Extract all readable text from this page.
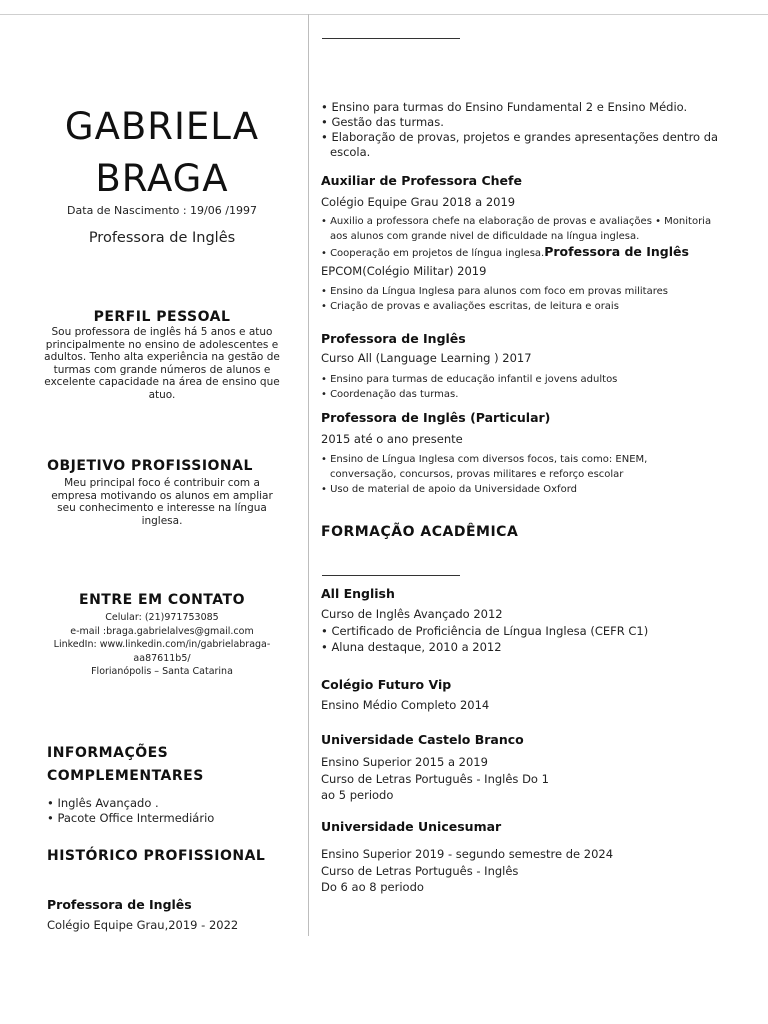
GABRIELA
BRAGA
Data de Nascimento : 19/06 /1997
Professora de Inglês
PERFIL PESSOAL
Sou professora de inglês há 5 anos e atuo
principalmente no ensino de adolescentes e
adultos. Tenho alta experiência na gestão de
turmas com grande números de alunos e
excelente capacidade na área de ensino que
atuo.
OBJETIVO PROFISSIONAL
Meu principal foco é contribuir com a
empresa motivando os alunos em ampliar
seu conhecimento e interesse na língua
inglesa.
ENTRE EM CONTATO
Celular: (21)971753085
e-mail :braga.gabrielalves@gmail.com
LinkedIn: www.linkedin.com/in/gabrielabraga-
aa87611b5/
Florianópolis – Santa Catarina
INFORMAÇÕES
COMPLEMENTARES
• Inglês Avançado .
• Pacote Office Intermediário
HISTÓRICO PROFISSIONAL
Professora de Inglês
Colégio Equipe Grau,2019 - 2022
• Ensino para turmas do Ensino Fundamental 2 e Ensino Médio.
• Gestão das turmas.
• Elaboração de provas, projetos e grandes apresentações dentro da escola.
Auxiliar de Professora Chefe
Colégio Equipe Grau 2018 a 2019
• Auxilio a professora chefe na elaboração de provas e avaliações • Monitoria aos alunos com grande nivel de dificuldade na língua inglesa.
• Cooperação em projetos de língua inglesa.Professora de Inglês
EPCOM(Colégio Militar) 2019
• Ensino da Língua Inglesa para alunos com foco em provas militares
• Criação de provas e avaliações escritas, de leitura e orais
Professora de Inglês
Curso All (Language Learning ) 2017
• Ensino para turmas de educação infantil e jovens adultos
• Coordenação das turmas.
Professora de Inglês (Particular)
2015 até o ano presente
• Ensino de Língua Inglesa com diversos focos, tais como: ENEM, conversação, concursos, provas militares e reforço escolar
• Uso de material de apoio da Universidade Oxford
FORMAÇÃO ACADÊMICA
All English
Curso de Inglês Avançado 2012
• Certificado de Proficiência de Língua Inglesa (CEFR C1)
• Aluna destaque, 2010 a 2012
Colégio Futuro Vip
Ensino Médio Completo 2014
Universidade Castelo Branco
Ensino Superior 2015 a 2019
Curso de Letras Português - Inglês Do 1
ao 5 periodo
Universidade Unicesumar
Ensino Superior 2019 - segundo semestre de 2024
Curso de Letras Português - Inglês
Do 6 ao 8 periodo
